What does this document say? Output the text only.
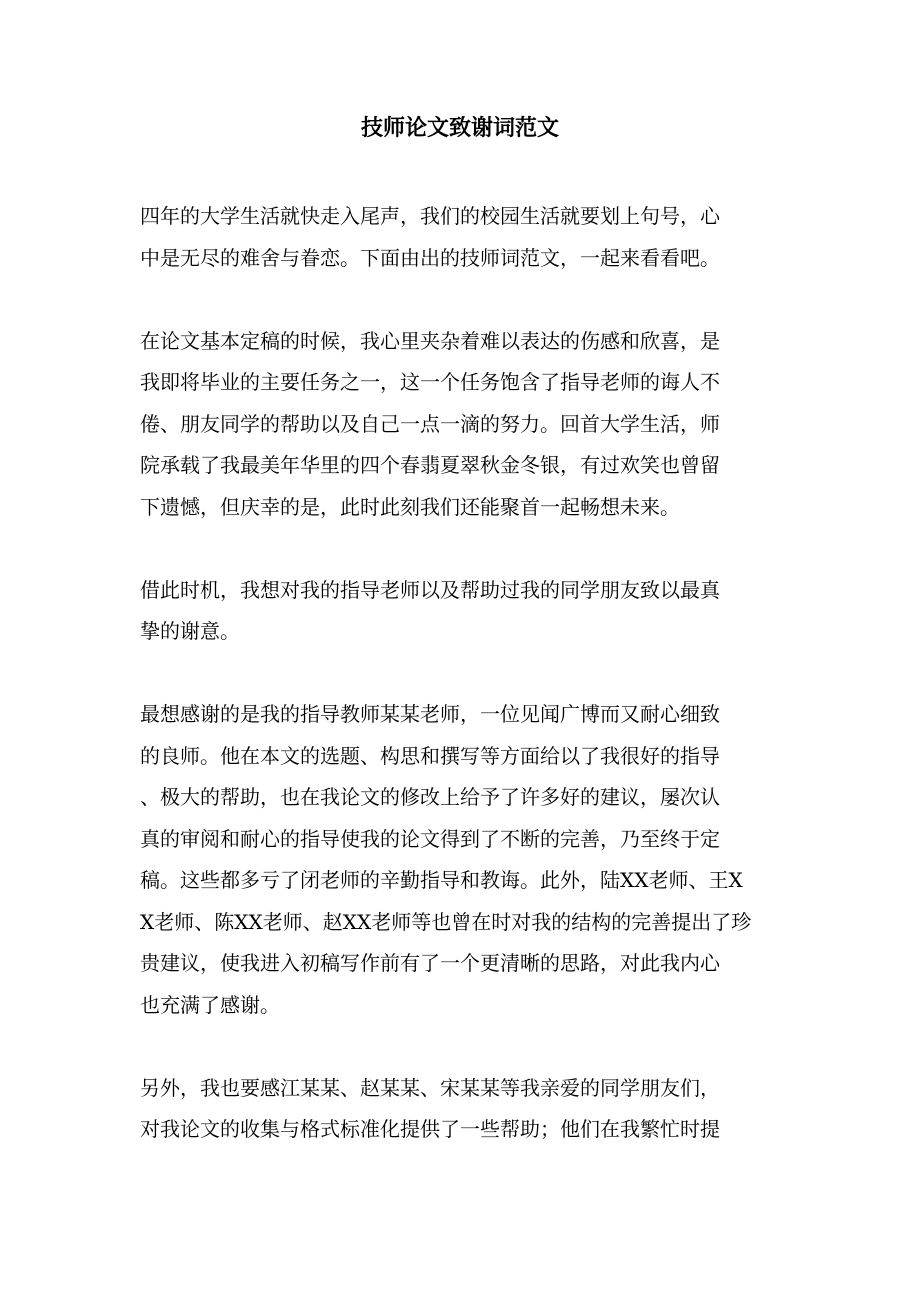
技师论文致谢词范文

四年的大学生活就快走入尾声，我们的校园生活就要划上句号，心
中是无尽的难舍与眷恋。下面由出的技师词范文，一起来看看吧。

在论文基本定稿的时候，我心里夹杂着难以表达的伤感和欣喜，是
我即将毕业的主要任务之一，这一个任务饱含了指导老师的诲人不
倦、朋友同学的帮助以及自己一点一滴的努力。回首大学生活，师
院承载了我最美年华里的四个春翡夏翠秋金冬银，有过欢笑也曾留
下遗憾，但庆幸的是，此时此刻我们还能聚首一起畅想未来。

借此时机，我想对我的指导老师以及帮助过我的同学朋友致以最真
挚的谢意。

最想感谢的是我的指导教师某某老师，一位见闻广博而又耐心细致
的良师。他在本文的选题、构思和撰写等方面给以了我很好的指导
、极大的帮助，也在我论文的修改上给予了许多好的建议，屡次认
真的审阅和耐心的指导使我的论文得到了不断的完善，乃至终于定
稿。这些都多亏了闭老师的辛勤指导和教诲。此外，陆XX老师、王X
X老师、陈XX老师、赵XX老师等也曾在时对我的结构的完善提出了珍
贵建议，使我进入初稿写作前有了一个更清晰的思路，对此我内心
也充满了感谢。

另外，我也要感江某某、赵某某、宋某某等我亲爱的同学朋友们，
对我论文的收集与格式标准化提供了一些帮助；他们在我繁忙时提
